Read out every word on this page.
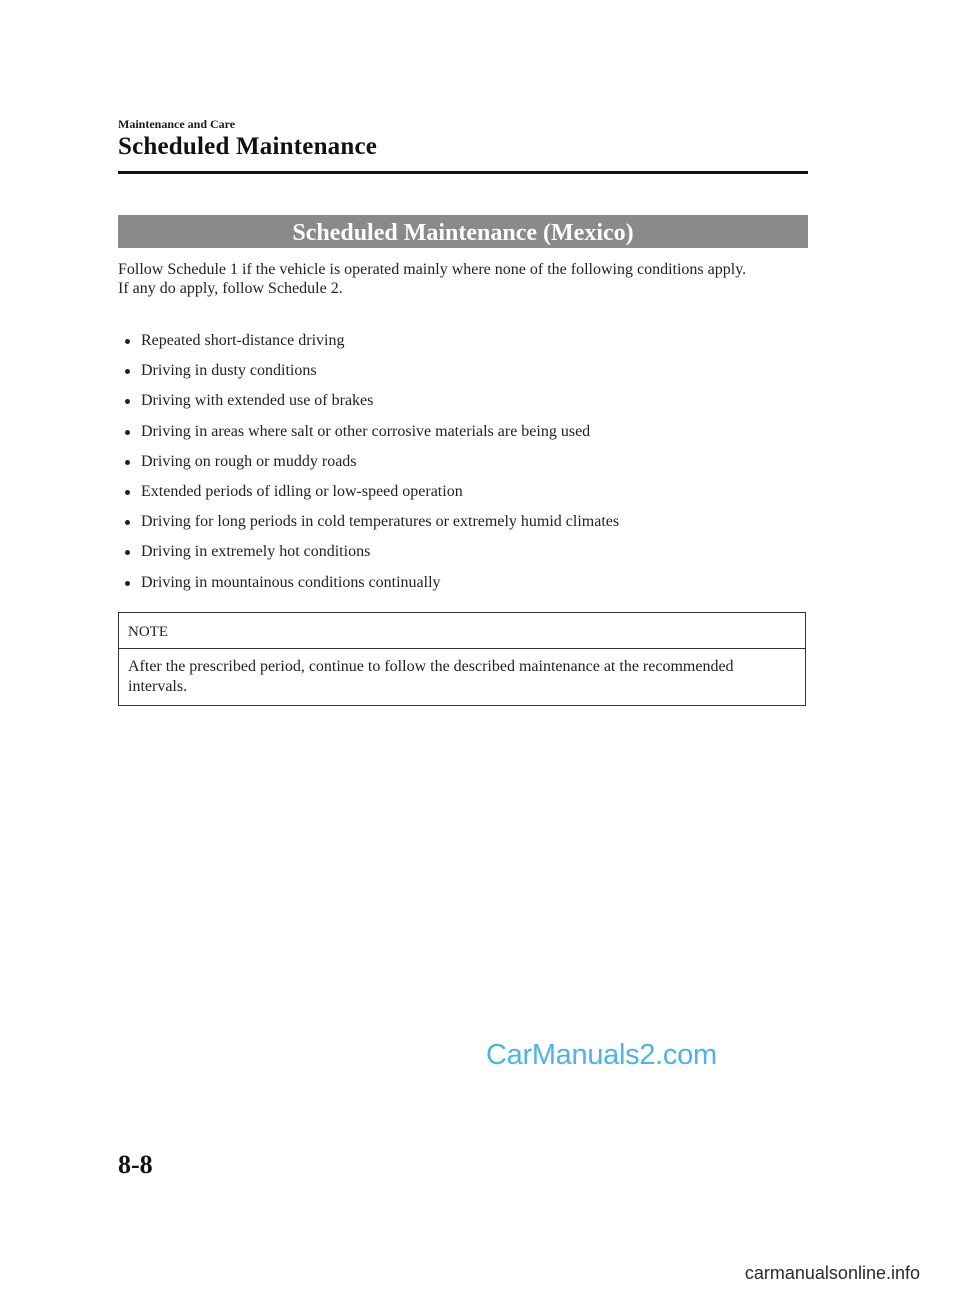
Maintenance and Care
Scheduled Maintenance
Scheduled Maintenance (Mexico)

Follow Schedule 1 if the vehicle is operated mainly where none of the following conditions apply.

If any do apply, follow Schedule 2.

Repeated short-distance driving
Driving in dusty conditions
Driving with extended use of brakes
Driving in areas where salt or other corrosive materials are being used
Driving on rough or muddy roads
Extended periods of idling or low-speed operation
Driving for long periods in cold temperatures or extremely humid climates
Driving in extremely hot conditions
Driving in mountainous conditions continually
NOTE
After the prescribed period, continue to follow the described maintenance at the recommended intervals.
CarManuals2.com
8-8
carmanualsonline.info
